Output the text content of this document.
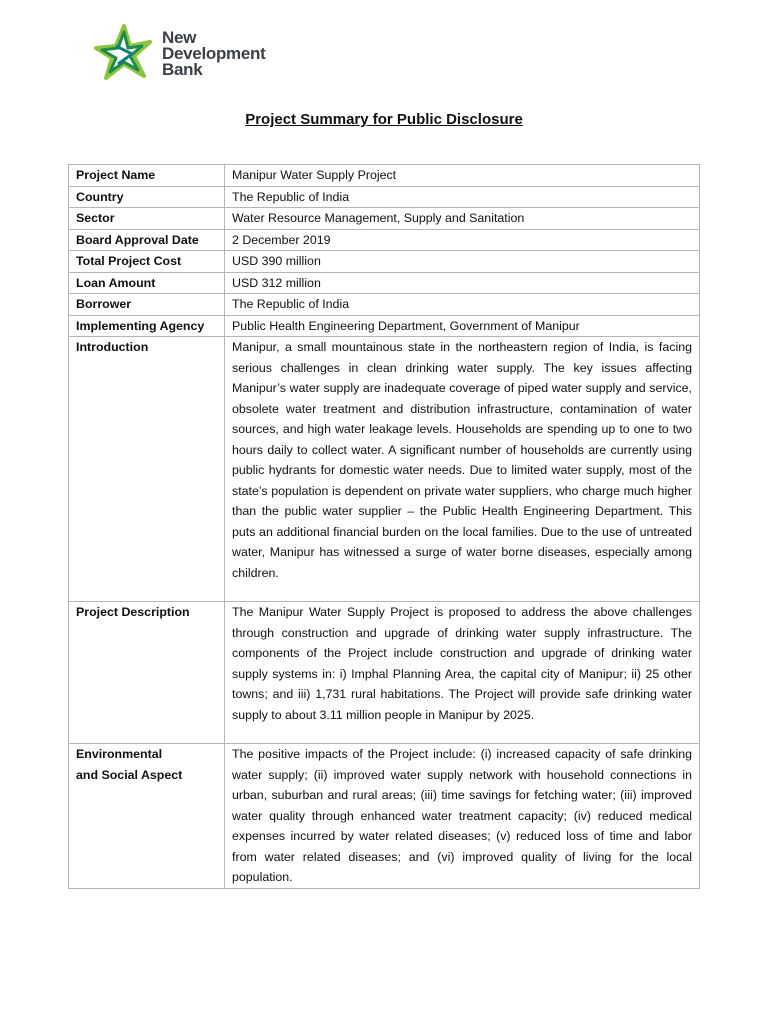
New
Development
Bank
Project Summary for Public Disclosure
Project Name	Manipur Water Supply Project
Country	The Republic of India
Sector	Water Resource Management, Supply and Sanitation
Board Approval Date	2 December 2019
Total Project Cost	USD 390 million
Loan Amount	USD 312 million
Borrower	The Republic of India
Implementing Agency	Public Health Engineering Department, Government of Manipur
Introduction	Manipur, a small mountainous state in the northeastern region of India, is facing serious challenges in clean drinking water supply. The key issues affecting Manipur’s water supply are inadequate coverage of piped water supply and service, obsolete water treatment and distribution infrastructure, contamination of water sources, and high water leakage levels. Households are spending up to one to two hours daily to collect water. A significant number of households are currently using public hydrants for domestic water needs. Due to limited water supply, most of the state’s population is dependent on private water suppliers, who charge much higher than the public water supplier – the Public Health Engineering Department. This puts an additional financial burden on the local families. Due to the use of untreated water, Manipur has witnessed a surge of water borne diseases, especially among children.
Project Description	The Manipur Water Supply Project is proposed to address the above challenges through construction and upgrade of drinking water supply infrastructure. The components of the Project include construction and upgrade of drinking water supply systems in: i) Imphal Planning Area, the capital city of Manipur; ii) 25 other towns; and iii) 1,731 rural habitations. The Project will provide safe drinking water supply to about 3.11 million people in Manipur by 2025.

Environmental
and Social Aspect	The positive impacts of the Project include: (i) increased capacity of safe drinking water supply; (ii) improved water supply network with household connections in urban, suburban and rural areas; (iii) time savings for fetching water; (iii) improved water quality through enhanced water treatment capacity; (iv) reduced medical expenses incurred by water related diseases; (v) reduced loss of time and labor from water related diseases; and (vi) improved quality of living for the local population.
